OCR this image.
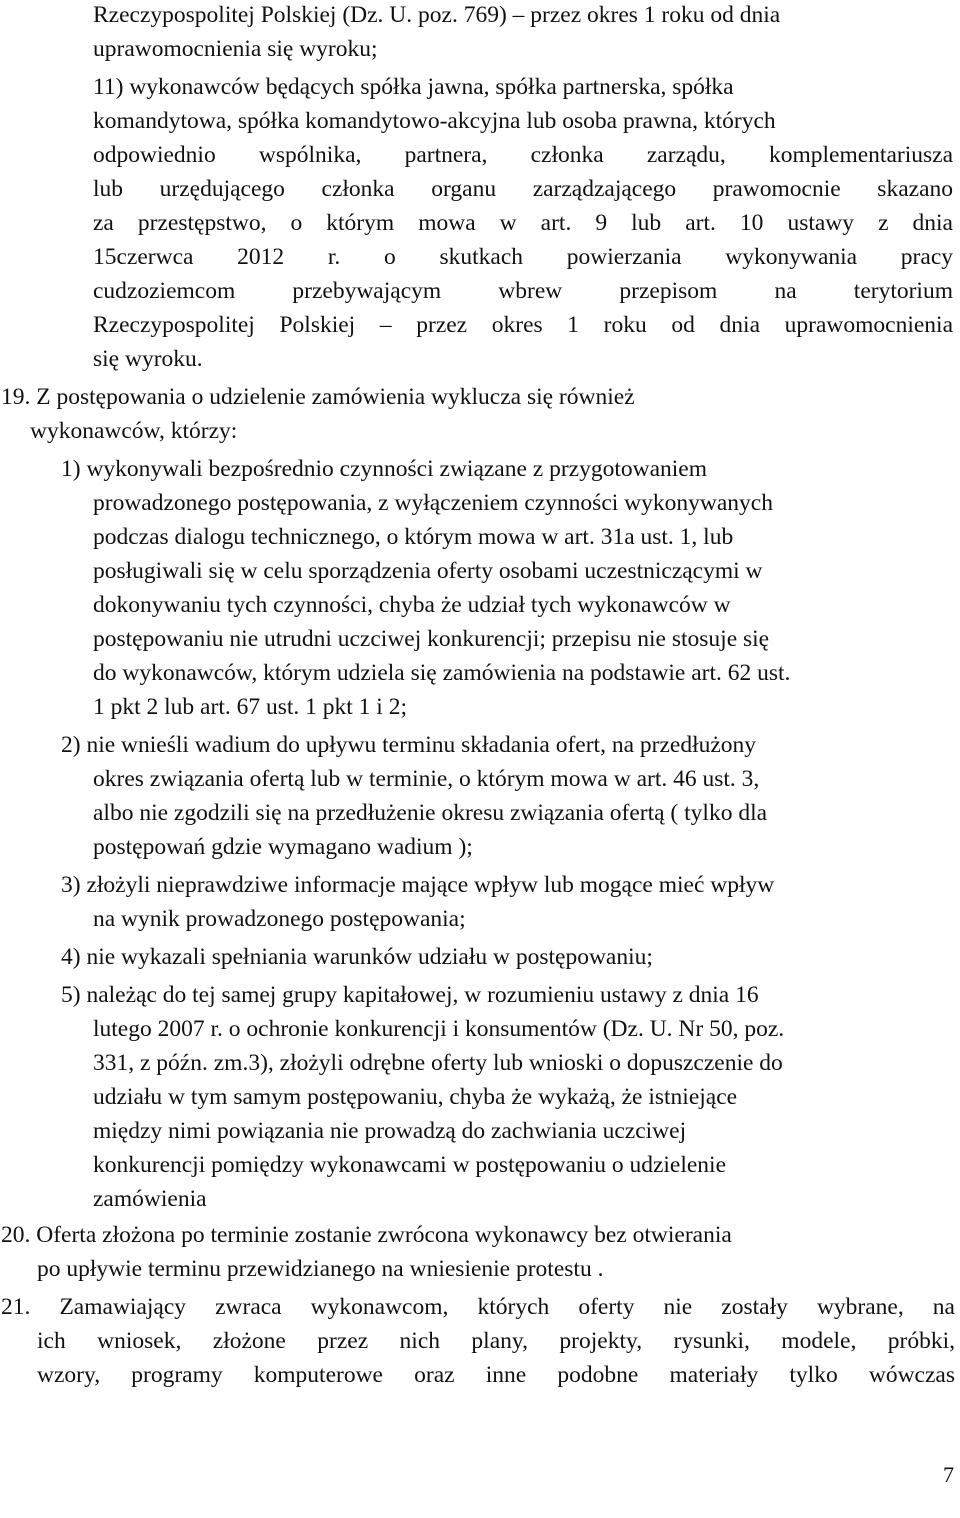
Rzeczypospolitej Polskiej (Dz. U. poz. 769) – przez okres 1 roku od dnia
uprawomocnienia się wyroku;
11) wykonawców będących spółka jawna, spółka partnerska, spółka
komandytowa, spółka komandytowo-akcyjna lub osoba prawna, których
odpowiednio wspólnika, partnera, członka zarządu, komplementariusza
lub urzędującego członka organu zarządzającego prawomocnie skazano
za przestępstwo, o którym mowa w art. 9 lub art. 10 ustawy z dnia
15czerwca 2012 r. o skutkach powierzania wykonywania pracy
cudzoziemcom przebywającym wbrew przepisom na terytorium
Rzeczypospolitej Polskiej – przez okres 1 roku od dnia uprawomocnienia
się wyroku.
19. Z postępowania o udzielenie zamówienia wyklucza się również
wykonawców, którzy:
1) wykonywali bezpośrednio czynności związane z przygotowaniem
prowadzonego postępowania, z wyłączeniem czynności wykonywanych
podczas dialogu technicznego, o którym mowa w art. 31a ust. 1, lub
posługiwali się w celu sporządzenia oferty osobami uczestniczącymi w
dokonywaniu tych czynności, chyba że udział tych wykonawców w
postępowaniu nie utrudni uczciwej konkurencji; przepisu nie stosuje się
do wykonawców, którym udziela się zamówienia na podstawie art. 62 ust.
1 pkt 2 lub art. 67 ust. 1 pkt 1 i 2;
2) nie wnieśli wadium do upływu terminu składania ofert, na przedłużony
okres związania ofertą lub w terminie, o którym mowa w art. 46 ust. 3,
albo nie zgodzili się na przedłużenie okresu związania ofertą ( tylko dla
postępowań gdzie wymagano wadium );
3) złożyli nieprawdziwe informacje mające wpływ lub mogące mieć wpływ
na wynik prowadzonego postępowania;
4) nie wykazali spełniania warunków udziału w postępowaniu;
5) należąc do tej samej grupy kapitałowej, w rozumieniu ustawy z dnia 16
lutego 2007 r. o ochronie konkurencji i konsumentów (Dz. U. Nr 50, poz.
331, z późn. zm.3), złożyli odrębne oferty lub wnioski o dopuszczenie do
udziału w tym samym postępowaniu, chyba że wykażą, że istniejące
między nimi powiązania nie prowadzą do zachwiania uczciwej
konkurencji pomiędzy wykonawcami w postępowaniu o udzielenie
zamówienia
20. Oferta złożona po terminie zostanie zwrócona wykonawcy bez otwierania
po upływie terminu przewidzianego na wniesienie protestu .
21. Zamawiający zwraca wykonawcom, których oferty nie zostały wybrane, na
ich wniosek, złożone przez nich plany, projekty, rysunki, modele, próbki,
wzory, programy komputerowe oraz inne podobne materiały tylko wówczas
7
